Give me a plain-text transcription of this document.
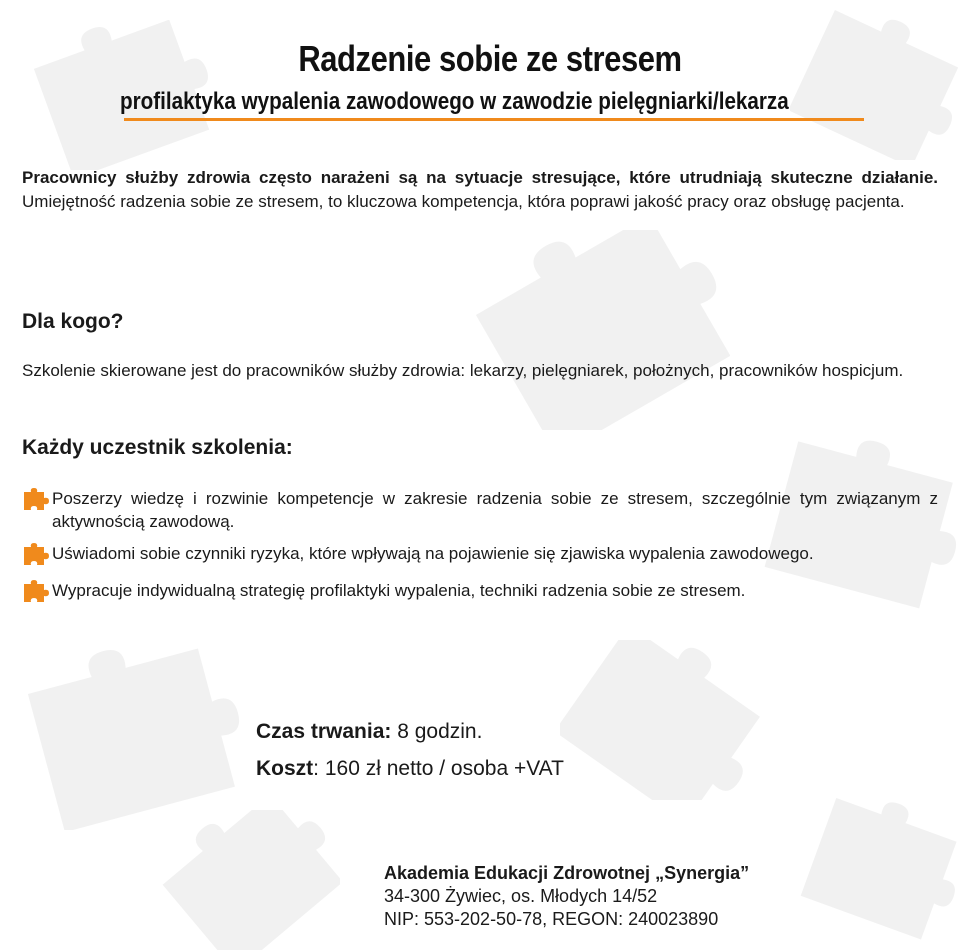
Radzenie sobie ze stresem
profilaktyka wypalenia zawodowego w zawodzie pielęgniarki/lekarza

Pracownicy służby zdrowia często narażeni są na sytuacje stresujące, które utrudniają skuteczne działanie. Umiejętność radzenia sobie ze stresem, to kluczowa kompetencja, która poprawi jakość pracy oraz obsługę pacjenta.

Dla kogo?

Szkolenie skierowane jest do pracowników służby zdrowia: lekarzy, pielęgniarek, położnych, pracowników hospicjum.

Każdy uczestnik szkolenia:
Poszerzy wiedzę i rozwinie kompetencje w zakresie radzenia sobie ze stresem, szczególnie tym związanym z aktywnością zawodową.
Uświadomi sobie czynniki ryzyka, które wpływają na pojawienie się zjawiska wypalenia zawodowego.
Wypracuje indywidualną strategię profilaktyki wypalenia, techniki radzenia sobie ze stresem.
Czas trwania: 8 godzin.
Koszt: 160 zł netto / osoba +VAT
Akademia Edukacji Zdrowotnej „Synergia”
34-300 Żywiec, os. Młodych 14/52
NIP: 553-202-50-78, REGON: 240023890
